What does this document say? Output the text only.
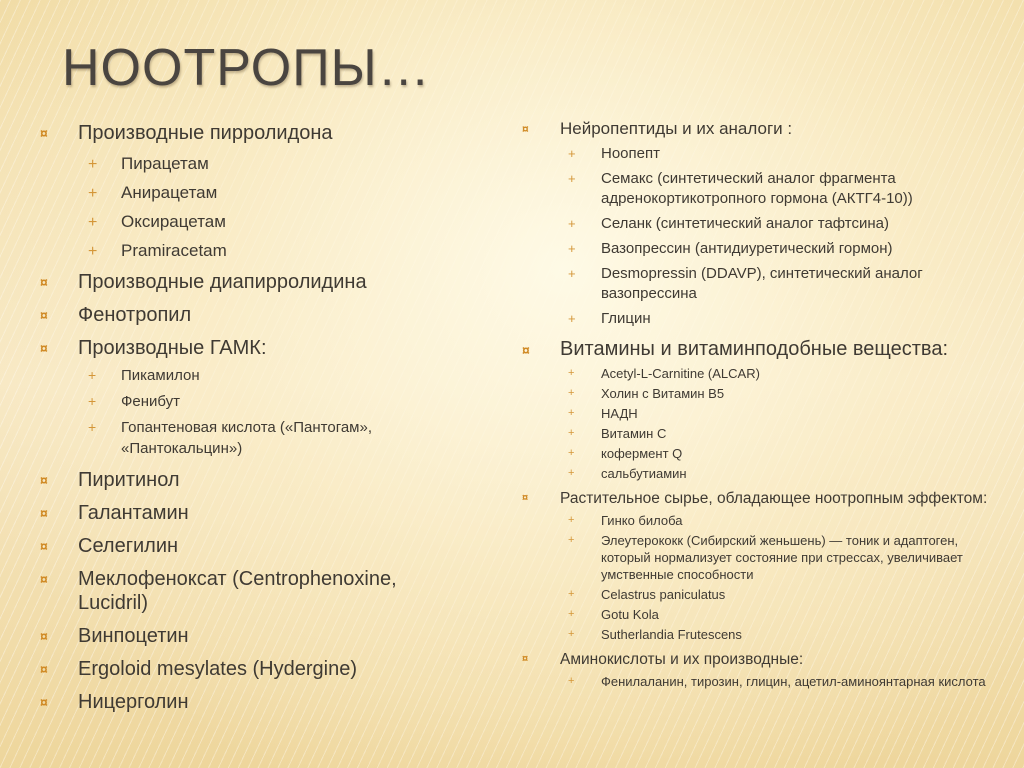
НООТРОПЫ…
¤	Производные пирролидона
+	Пирацетам
+	Анирацетам
+	Оксирацетам
+	Pramiracetam
¤	Производные диапирролидина
¤	Фенотропил
¤	Производные ГАМК:
+	Пикамилон
+	Фенибут
+	Гопантеновая кислота («Пантогам», «Пантокальцин»)
¤	Пиритинол
¤	Галантамин
¤	Селегилин
¤	Меклофеноксат (Centrophenoxine, Lucidril)
¤	Винпоцетин
¤	Ergoloid mesylates (Hydergine)
¤	Ницерголин
¤	Нейропептиды и их аналоги :
+	Ноопепт
+	Семакс (синтетический аналог фрагмента адренокортикотропного гормона (АКТГ4-10))
+	Селанк (синтетический аналог тафтсина)
+	Вазопрессин (антидиуретический гормон)
+	Desmopressin (DDAVP), синтетический аналог вазопрессина
+	Глицин
¤	Витамины и витаминподобные вещества:
+	Acetyl-L-Carnitine (ALCAR)
+	Холин с Витамин B5
+	НАДН
+	Витамин С
+	кофермент Q
+	сальбутиамин
¤	Растительное сырье, обладающее ноотропным эффектом:
+	Гинко билоба
+	Элеутерококк (Сибирский женьшень) — тоник и адаптоген, который нормализует состояние при стрессах, увеличивает умственные способности
+	Celastrus paniculatus
+	Gotu Kola
+	Sutherlandia Frutescens
¤	Аминокислоты и их производные:
+	Фенилаланин, тирозин, глицин, ацетил-аминоянтарная кислота
